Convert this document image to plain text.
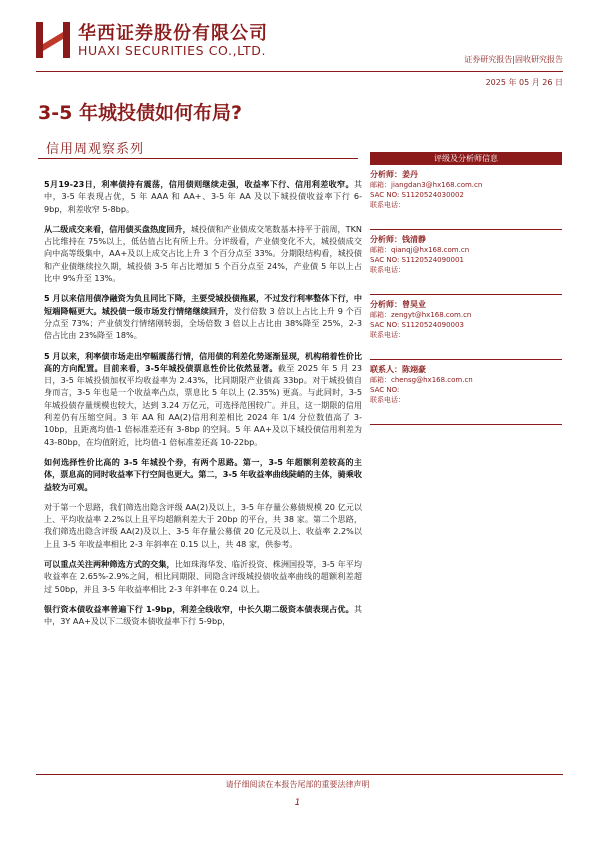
华西证券股份有限公司
HUAXI SECURITIES CO.,LTD.
证券研究报告|固收研究报告
2025 年 05 月 26 日
3-5 年城投债如何布局?
信用周观察系列

5月19-23日，利率债持有震荡，信用债则继续走强，收益率下行、信用利差收窄。其中，3-5 年表现占优，5 年 AAA 和 AA+、3-5 年 AA 及以下城投债收益率下行 6-9bp，利差收窄 5-8bp。

从二级成交来看，信用债买盘热度回升，城投债和产业债成交笔数基本持平于前周，TKN 占比维持在 75%以上，低估值占比有所上升。分评级看，产业债变化不大，城投债成交向中高等级集中，AA+及以上成交占比上升 3 个百分点至 33%。分期限结构看，城投债和产业债继续拉久期，城投债 3-5 年占比增加 5 个百分点至 24%，产业债 5 年以上占比中 9%升至 13%。

5 月以来信用债净融资为负且同比下降，主要受城投债拖累，不过发行利率整体下行，中短端降幅更大。城投债一级市场发行情绪继续回升，发行倍数 3 倍以上占比上升 9 个百分点至 73%；产业债发行情绪刚转弱，全场倍数 3 倍以上占比由 38%降至 25%，2-3 倍占比由 23%降至 18%。

5 月以来，利率债市场走出窄幅震荡行情，信用债的利差化势逐渐显现，机构稍着性价比高的方向配置。目前来看，3-5年城投债票息性价比依然显著。截至 2025 年 5 月 23 日，3-5 年城投债加权平均收益率为 2.43%，比同期限产业债高 33bp。对于城投债自身而言，3-5 年也是一个收益率凸点，票息比 5 年以上 (2.35%) 更高。与此同时，3-5 年城投债存量规模也较大，达到 3.24 万亿元，可选择范围较广。并且，这一期限的信用利差仍有压缩空间。3 年 AA 和 AA(2)信用利差相比 2024 年 1/4 分位数值高了 3-10bp，且距离均值-1 倍标准差还有 3-8bp 的空间。5 年 AA+及以下城投债信用利差为 43-80bp，在均值附近，比均值-1 倍标准差还高 10-22bp。

如何选择性价比高的 3-5 年城投个券，有两个思路。第一，3-5 年超额利差较高的主体，票息高的同时收益率下行空间也更大。第二，3-5 年收益率曲线陡峭的主体，骑乘收益较为可观。

对于第一个思路，我们筛选出隐含评级 AA(2)及以上，3-5 年存量公募债规模 20 亿元以上、平均收益率 2.2%以上且平均超额利差大于 20bp 的平台，共 38 家。第二个思路，我们筛选出隐含评级 AA(2)及以上、3-5 年存量公募债 20 亿元及以上、收益率 2.2%以上且 3-5 年收益率相比 2-3 年斜率在 0.15 以上，共 48 家，供参考。

可以重点关注两种筛选方式的交集，比如珠海华发、临沂投资、株洲国投等，3-5 年平均收益率在 2.65%-2.9%之间，相比同期限、同隐含评级城投债收益率曲线的超额利差超过 50bp，并且 3-5 年收益率相比 2-3 年斜率在 0.24 以上。

银行资本债收益率普遍下行 1-9bp，利差全线收窄，中长久期二级资本债表现占优。其中，3Y AA+及以下二级资本债收益率下行 5-9bp，

评级及分析师信息
分析师：姜丹
邮箱：jiangdan3@hx168.com.cn
SAC NO: S1120524030002
联系电话：
分析师：钱清静
邮箱：qianqj@hx168.com.cn
SAC NO: S1120524090001
联系电话：
分析师：曾昊业
邮箱：zengyt@hx168.com.cn
SAC NO: S1120524090003
联系电话：
联系人：陈翊豪
邮箱：chensg@hx168.com.cn
SAC NO:
联系电话：
请仔细阅读在本报告尾部的重要法律声明
1
